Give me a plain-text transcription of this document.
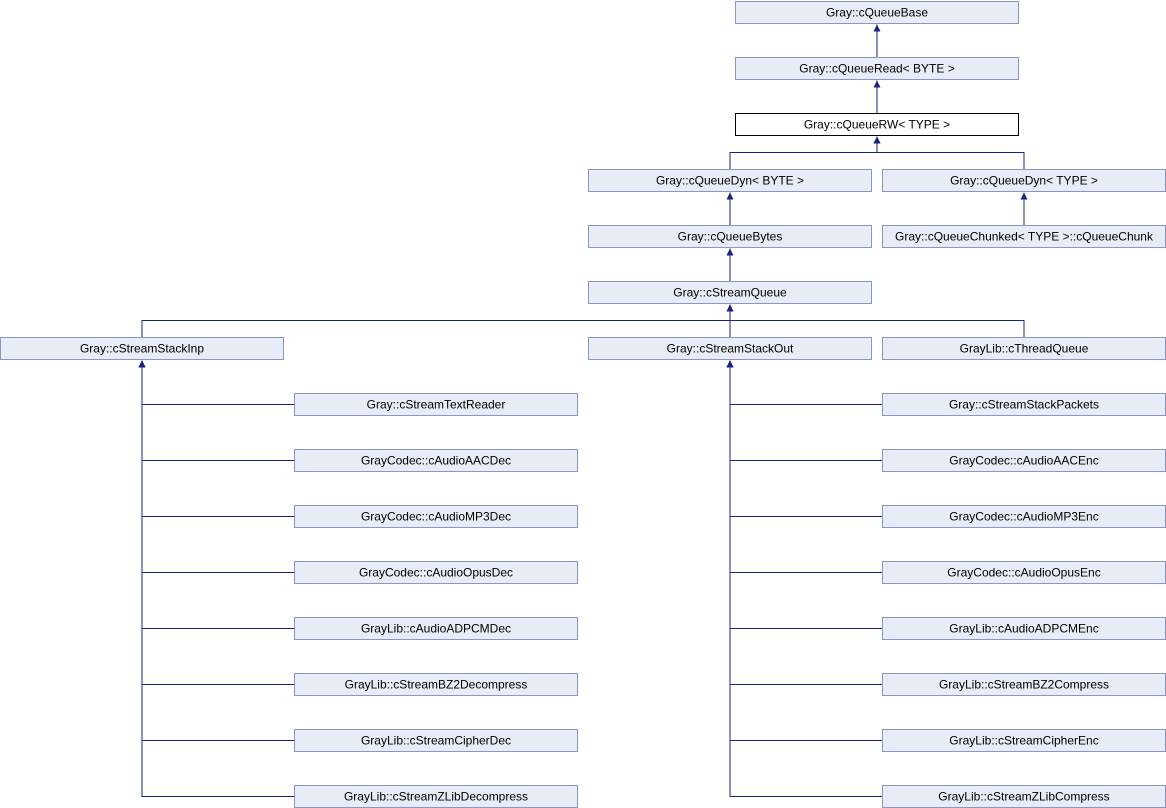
Gray::cQueueBase
Gray::cQueueRead< BYTE >
Gray::cQueueRW< TYPE >
Gray::cQueueDyn< BYTE >	Gray::cQueueDyn< TYPE >
Gray::cQueueBytes	Gray::cQueueChunked< TYPE >::cQueueChunk
Gray::cStreamQueue
Gray::cStreamStackInp	Gray::cStreamStackOut	GrayLib::cThreadQueue
Gray::cStreamTextReader
GrayCodec::cAudioAACDec
GrayCodec::cAudioMP3Dec
GrayCodec::cAudioOpusDec
GrayLib::cAudioADPCMDec
GrayLib::cStreamBZ2Decompress
GrayLib::cStreamCipherDec
GrayLib::cStreamZLibDecompress
Gray::cStreamStackPackets
GrayCodec::cAudioAACEnc
GrayCodec::cAudioMP3Enc
GrayCodec::cAudioOpusEnc
GrayLib::cAudioADPCMEnc
GrayLib::cStreamBZ2Compress
GrayLib::cStreamCipherEnc
GrayLib::cStreamZLibCompress
